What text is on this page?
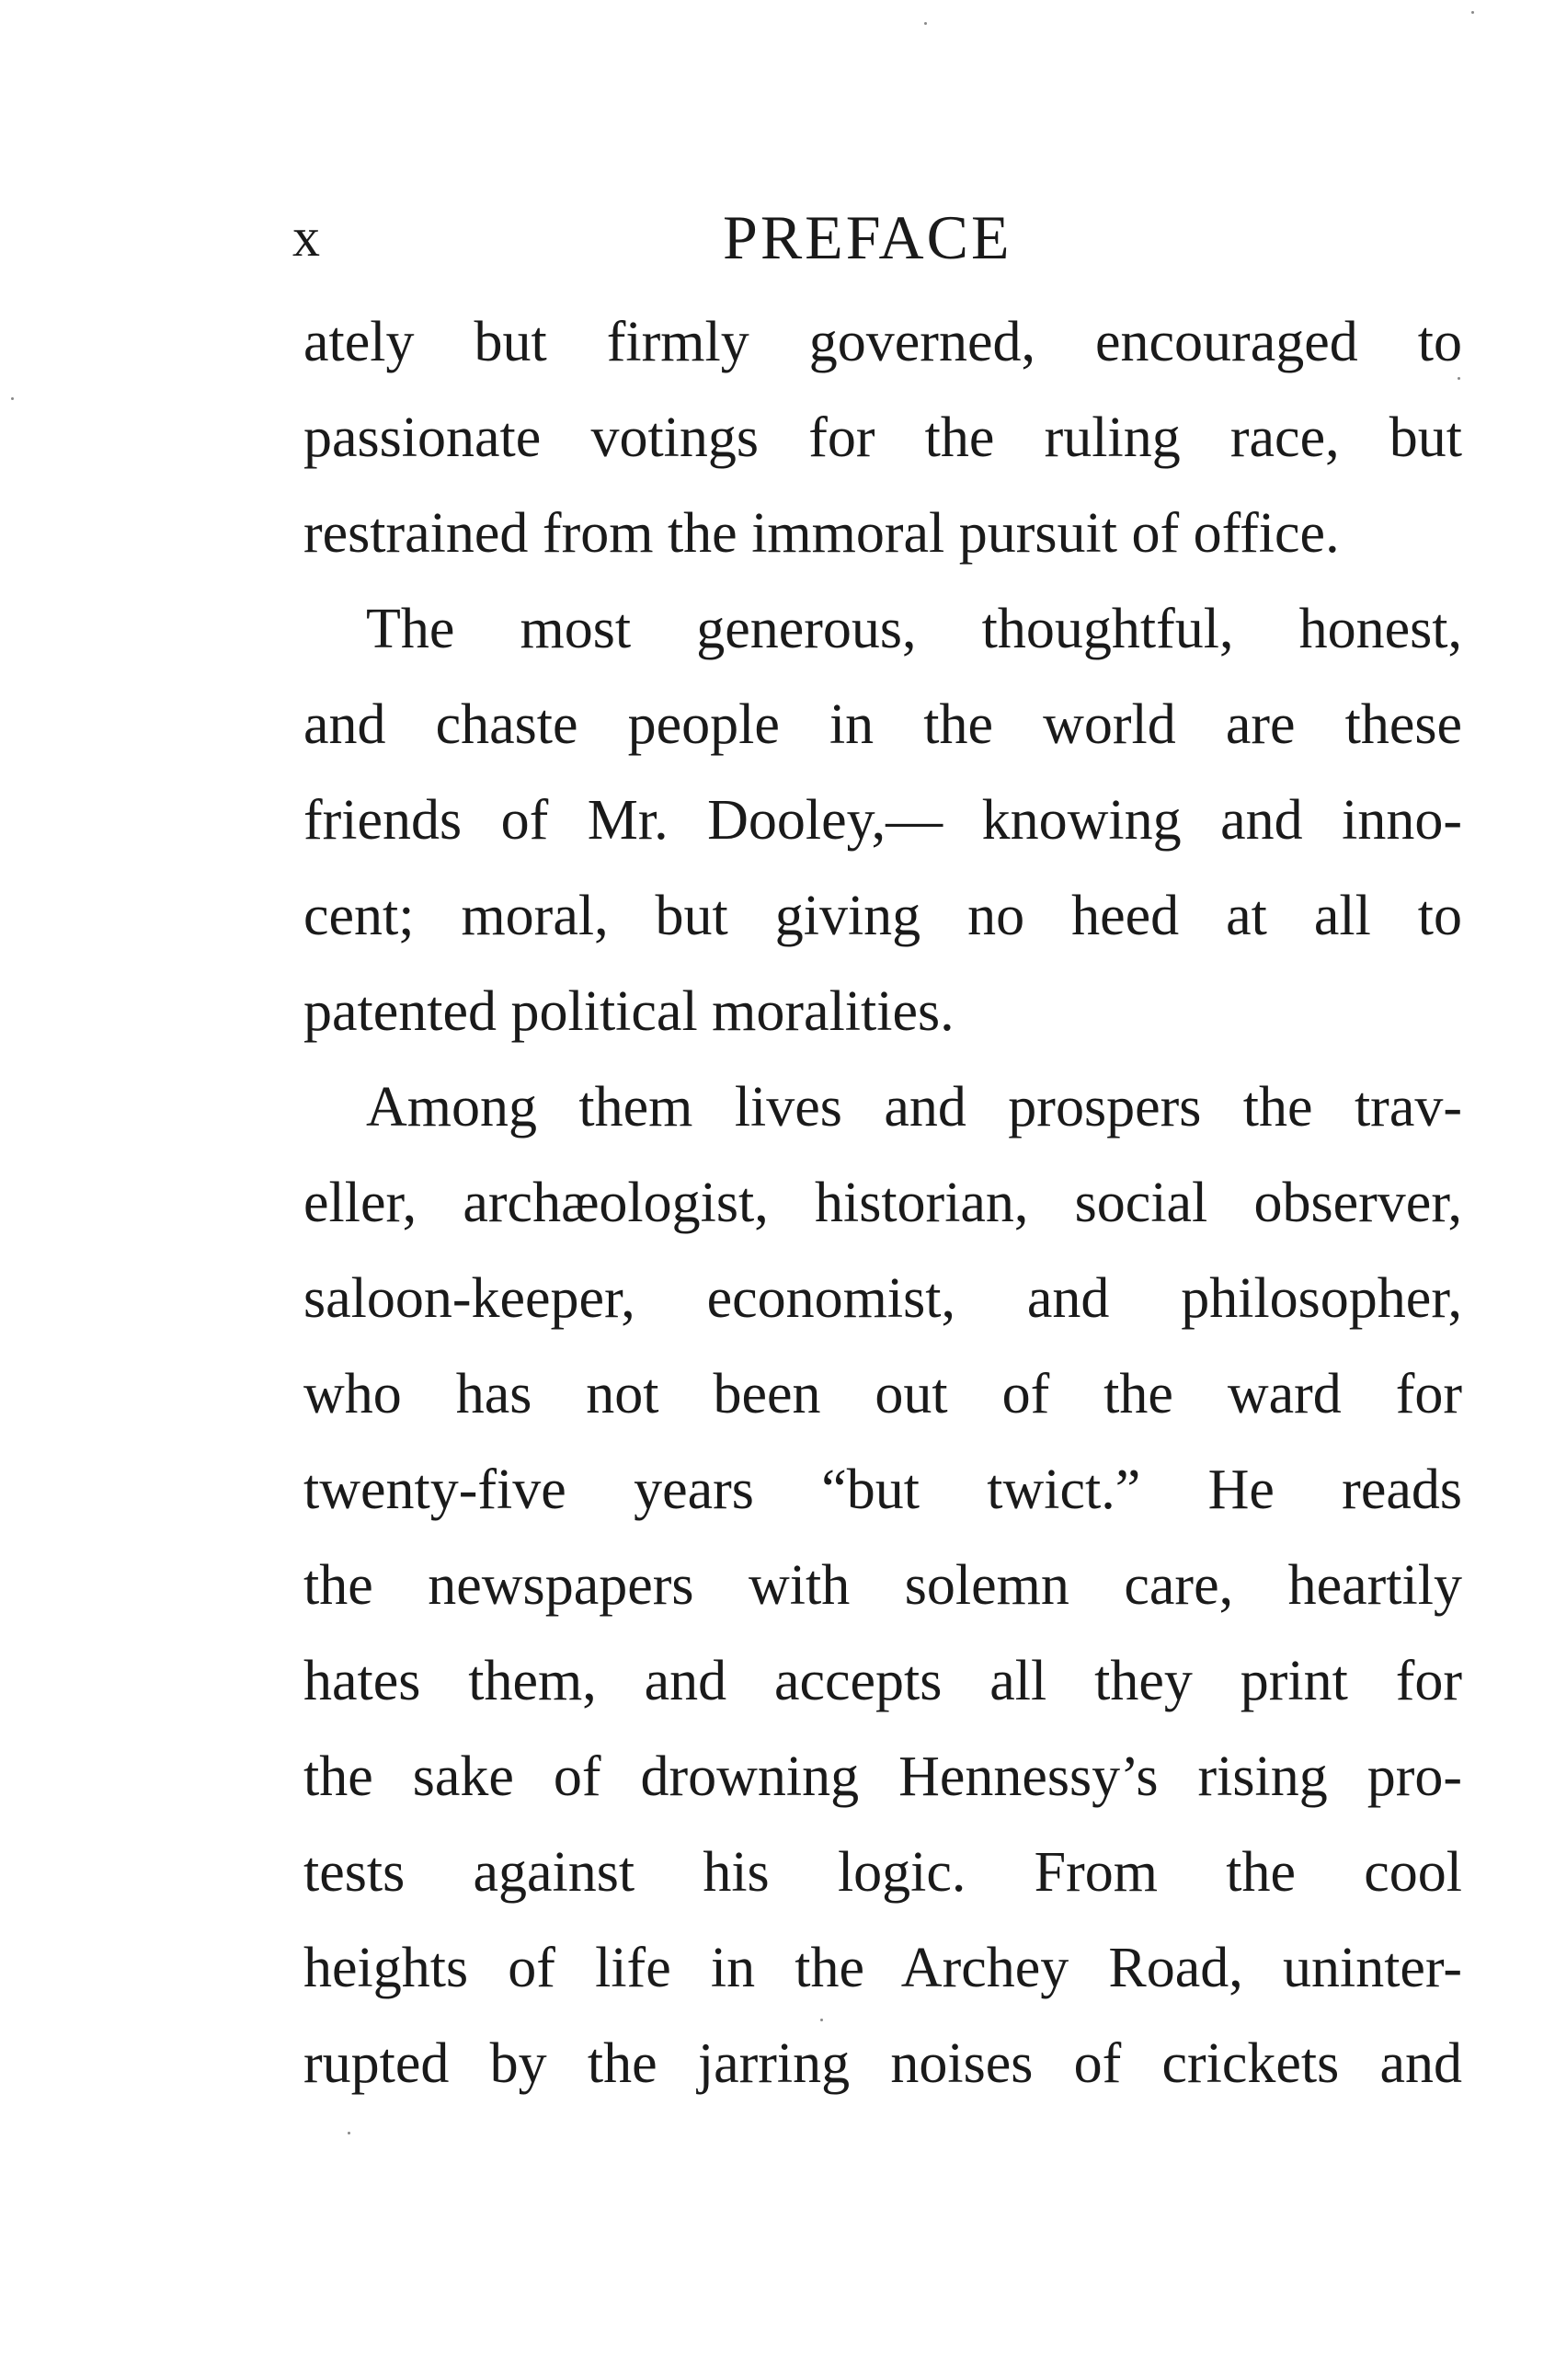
x	PREFACE
ately but firmly governed, encouraged to
passionate votings for the ruling race, but
restrained from the immoral pursuit of office.
The most generous, thoughtful, honest,
and chaste people in the world are these
friends of Mr. Dooley,— knowing and inno-
cent; moral, but giving no heed at all to
patented political moralities.
Among them lives and prospers the trav-
eller, archæologist, historian, social observer,
saloon-keeper, economist, and philosopher,
who has not been out of the ward for
twenty-five years “but twict.” He reads
the newspapers with solemn care, heartily
hates them, and accepts all they print for
the sake of drowning Hennessy’s rising pro-
tests against his logic. From the cool
heights of life in the Archey Road, uninter-
rupted by the jarring noises of crickets and
